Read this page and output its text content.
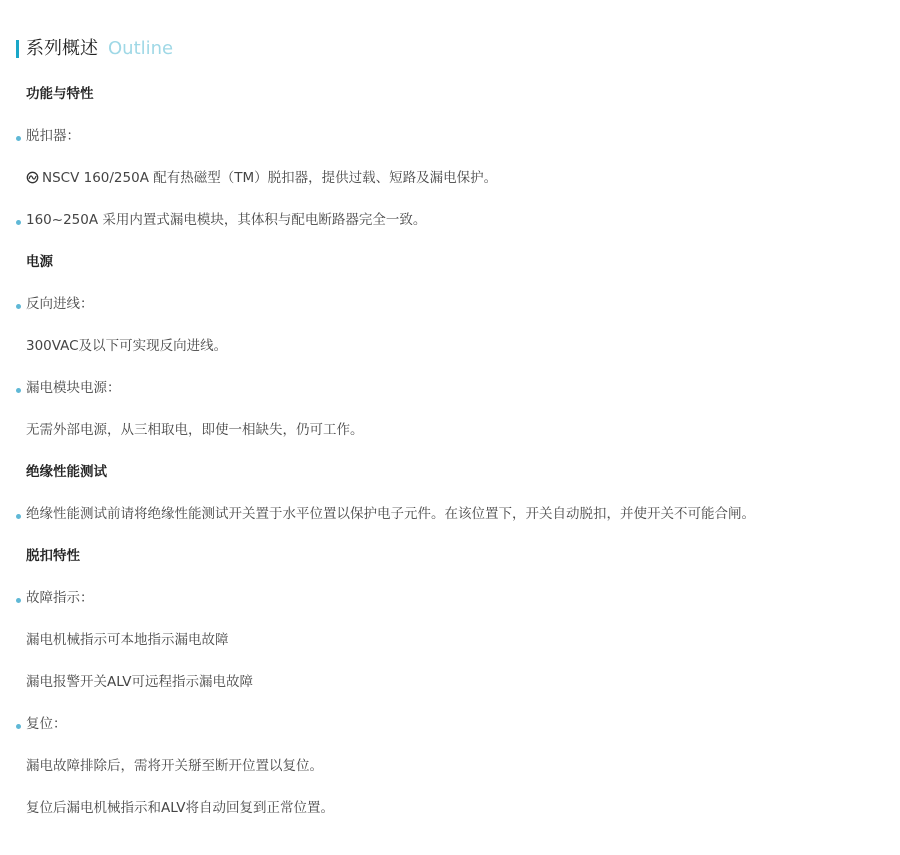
系列概述 Outline
功能与特性
脱扣器：
NSCV 160/250A 配有热磁型（TM）脱扣器，提供过载、短路及漏电保护。
160~250A 采用内置式漏电模块，其体积与配电断路器完全一致。
电源
反向进线：
300VAC及以下可实现反向进线。
漏电模块电源：
无需外部电源，从三相取电，即使一相缺失，仍可工作。
绝缘性能测试
绝缘性能测试前请将绝缘性能测试开关置于水平位置以保护电子元件。在该位置下，开关自动脱扣，并使开关不可能合闸。
脱扣特性
故障指示：
漏电机械指示可本地指示漏电故障
漏电报警开关ALV可远程指示漏电故障
复位：
漏电故障排除后，需将开关掰至断开位置以复位。
复位后漏电机械指示和ALV将自动回复到正常位置。
